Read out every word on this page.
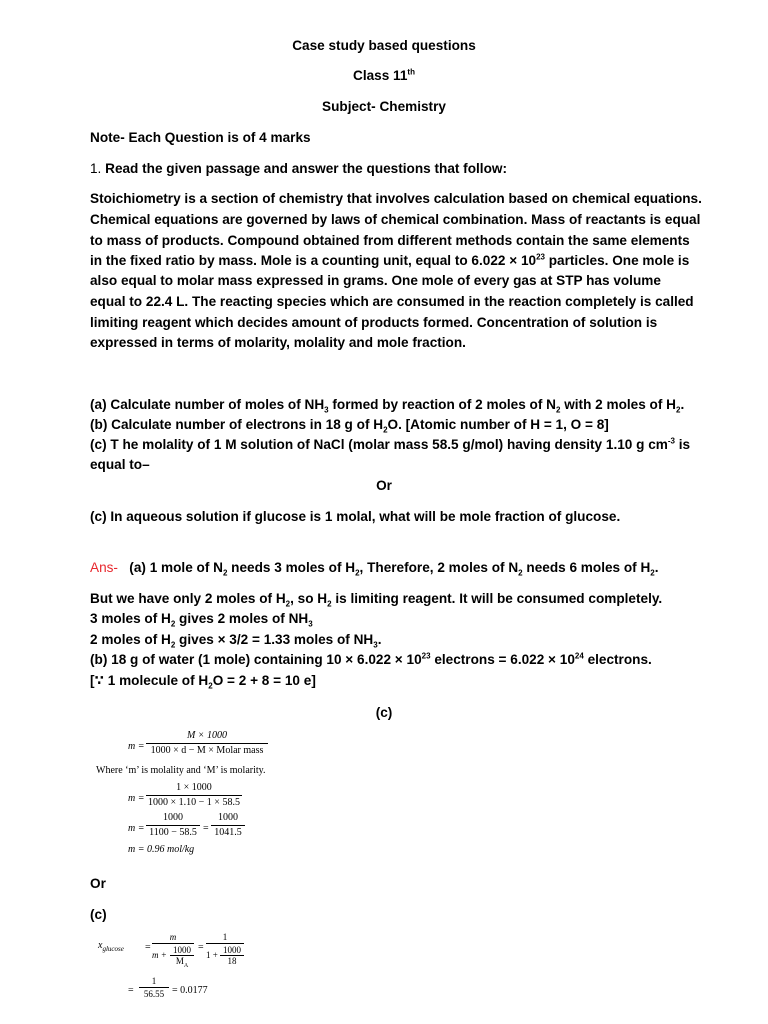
Case study based questions
Class 11th
Subject- Chemistry
Note- Each Question is of 4 marks
1. Read the given passage and answer the questions that follow:
Stoichiometry is a section of chemistry that involves calculation based on chemical equations.
Chemical equations are governed by laws of chemical combination. Mass of reactants is equal
to mass of products. Compound obtained from different methods contain the same elements
in the fixed ratio by mass. Mole is a counting unit, equal to $6.022 \times 10^{23}$ particles. One mole is
also equal to molar mass expressed in grams. One mole of every gas at STP has volume
equal to 22.4 L. The reacting species which are consumed in the reaction completely is called
limiting reagent which decides amount of products formed. Concentration of solution is
expressed in terms of molarity, molality and mole fraction.
(a) Calculate number of moles of $NH_3$ formed by reaction of 2 moles of $N_2$ with 2 moles of $H_2$.
(b) Calculate number of electrons in 18 g of $H_2O$. [Atomic number of H = 1, O = 8]
(c) T he molality of 1 M solution of NaCl (molar mass 58.5 g/mol) having density 1.10 g $cm^{-3}$ is
equal to–
Or
(c) In aqueous solution if glucose is 1 molal, what will be mole fraction of glucose.
Ans- (a) 1 mole of $N_2$ needs 3 moles of $H_2$, Therefore, 2 moles of $N_2$ needs 6 moles of $H_2$.
But we have only 2 moles of $H_2$, so $H_2$ is limiting reagent. It will be consumed completely.
3 moles of $H_2$ gives 2 moles of $NH_3$
2 moles of $H_2$ gives × 3/2 = 1.33 moles of $NH_3$.
(b) 18 g of water (1 mole) containing $10 \times 6.022 \times 10^{23}$ electrons = $6.022 \times 10^{24}$ electrons.
[∵ 1 molecule of $H_2O = 2 + 8 = 10$ e]
(c)
m =
M × 1000
1000 × d − M × Molar mass
Where ‘m’ is molality and ‘M’ is molarity.
m =
1 × 1000
1000 × 1.10 − 1 × 58.5
m =
1000
1100 − 58.5 =
1000
1041.5
m = 0.96 mol/kg
Or
(c)
$x_{glucose}$ =
m
m + 1000
$M_A$
=
1
1 + 1000
18
=
1
56.55 = 0.0177
